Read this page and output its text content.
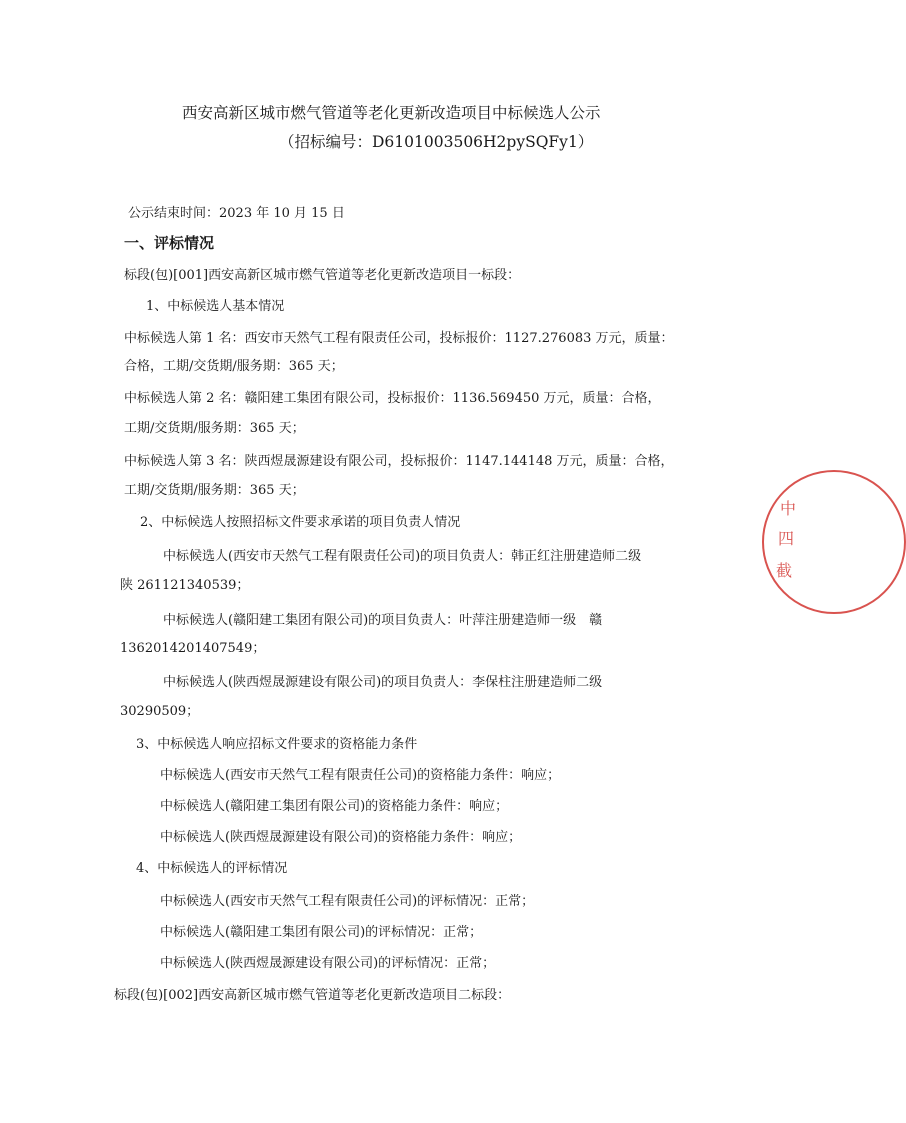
西安高新区城市燃气管道等老化更新改造项目中标候选人公示
（招标编号：D6101003506H2pySQFy1）
公示结束时间：2023 年 10 月 15 日
一、评标情况
标段(包)[001]西安高新区城市燃气管道等老化更新改造项目一标段：
1、中标候选人基本情况
中标候选人第 1 名：西安市天然气工程有限责任公司，投标报价：1127.276083 万元，质量：
合格，工期/交货期/服务期：365 天；
中标候选人第 2 名：赣阳建工集团有限公司，投标报价：1136.569450 万元，质量：合格，
工期/交货期/服务期：365 天；
中标候选人第 3 名：陕西煜晟源建设有限公司，投标报价：1147.144148 万元，质量：合格，
工期/交货期/服务期：365 天；
2、中标候选人按照招标文件要求承诺的项目负责人情况
中标候选人(西安市天然气工程有限责任公司)的项目负责人：韩正红注册建造师二级
陕 261121340539；
中标候选人(赣阳建工集团有限公司)的项目负责人：叶萍注册建造师一级　赣
1362014201407549；
中标候选人(陕西煜晟源建设有限公司)的项目负责人：李保柱注册建造师二级
30290509；
3、中标候选人响应招标文件要求的资格能力条件
中标候选人(西安市天然气工程有限责任公司)的资格能力条件：响应；
中标候选人(赣阳建工集团有限公司)的资格能力条件：响应；
中标候选人(陕西煜晟源建设有限公司)的资格能力条件：响应；
4、中标候选人的评标情况
中标候选人(西安市天然气工程有限责任公司)的评标情况：正常；
中标候选人(赣阳建工集团有限公司)的评标情况：正常；
中标候选人(陕西煜晟源建设有限公司)的评标情况：正常；
标段(包)[002]西安高新区城市燃气管道等老化更新改造项目二标段：
中
四
截
